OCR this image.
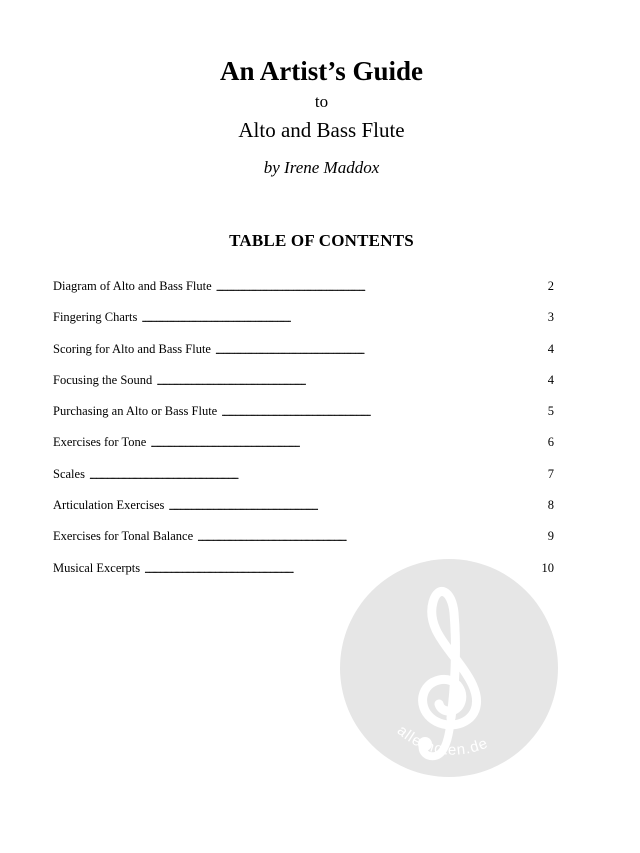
An Artist’s Guide
to
Alto and Bass Flute
by Irene Maddox
TABLE OF CONTENTS
Diagram of Alto and Bass Flute . . .	2
Fingering Charts . . .	3
Scoring for Alto and Bass Flute . . .	4
Focusing the Sound . . .	4
Purchasing an Alto or Bass Flute . . .	5
Exercises for Tone . . .	6
Scales . . .	7
Articulation Exercises . . .	8
Exercises for Tonal Balance . . .	9
Musical Excerpts . . .	10
alle-noten.de
